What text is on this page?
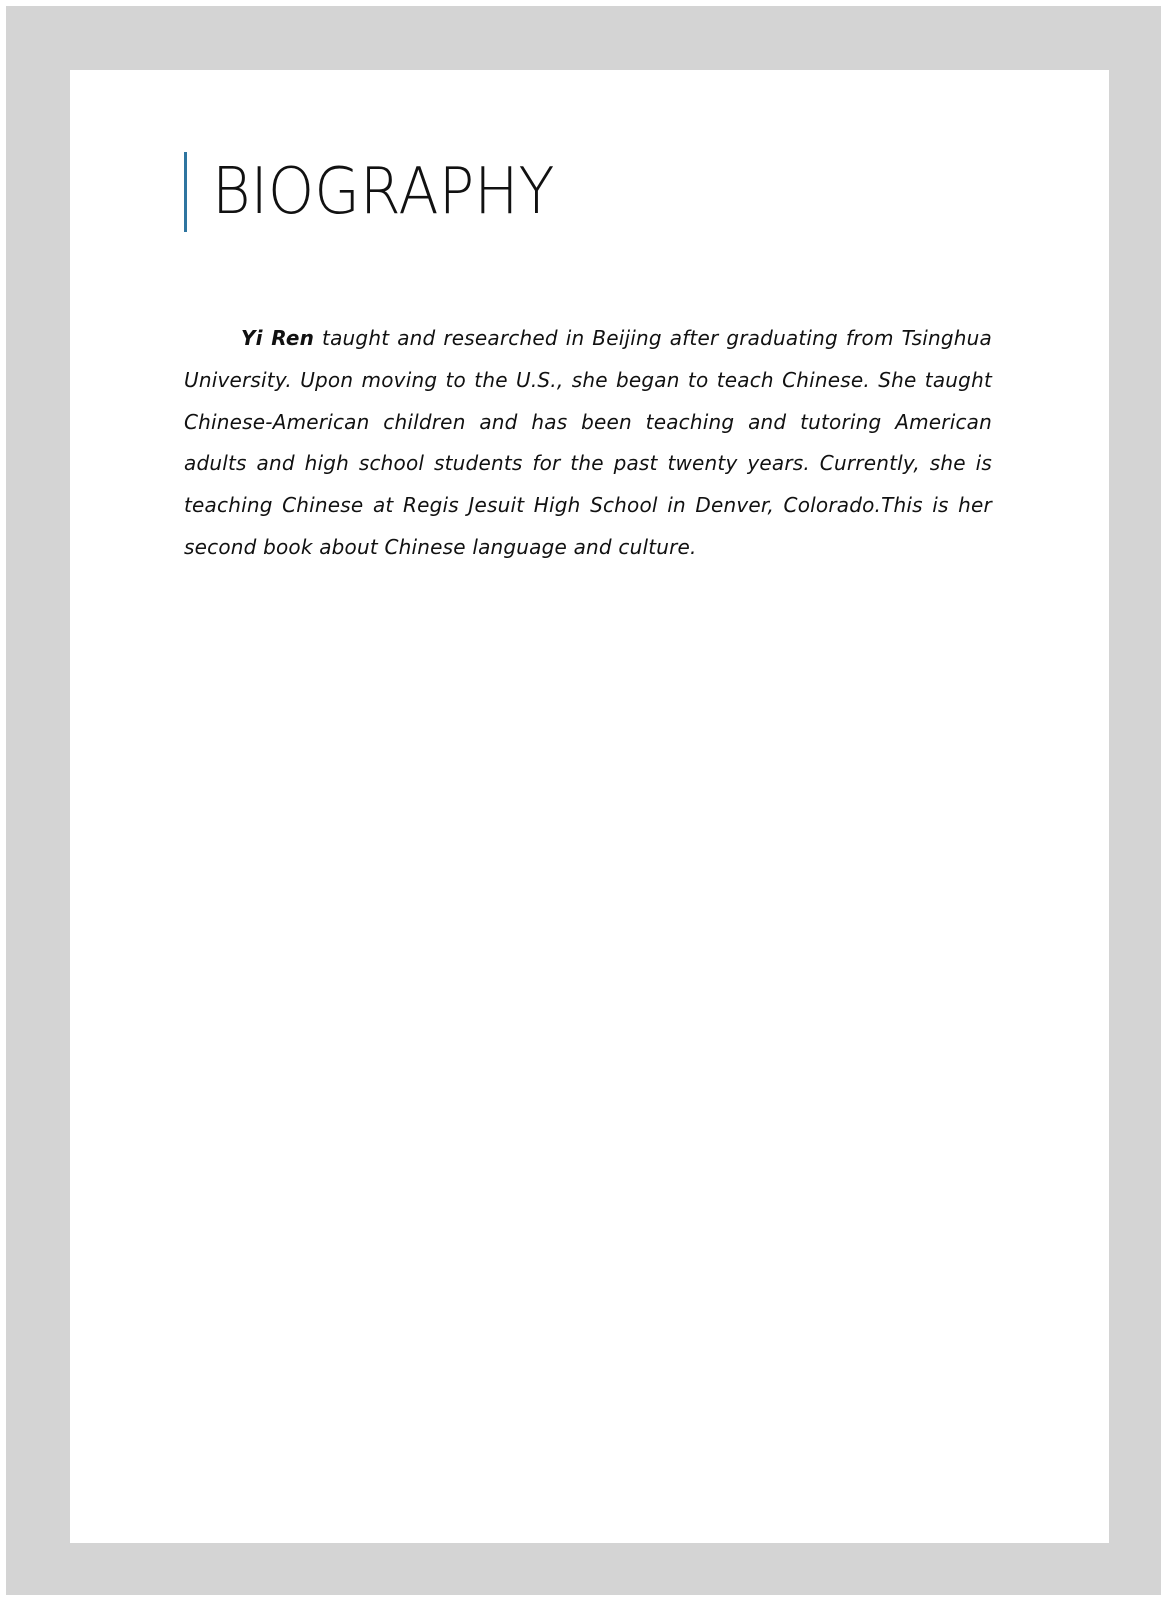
BIOGRAPHY

Yi Ren taught and researched in Beijing after graduating from Tsinghua University. Upon moving to the U.S., she began to teach Chinese. She taught Chinese-American children and has been teaching and tutoring American adults and high school students for the past twenty years. Currently, she is teaching Chinese at Regis Jesuit High School in Denver, Colorado.This is her second book about Chinese language and culture.
